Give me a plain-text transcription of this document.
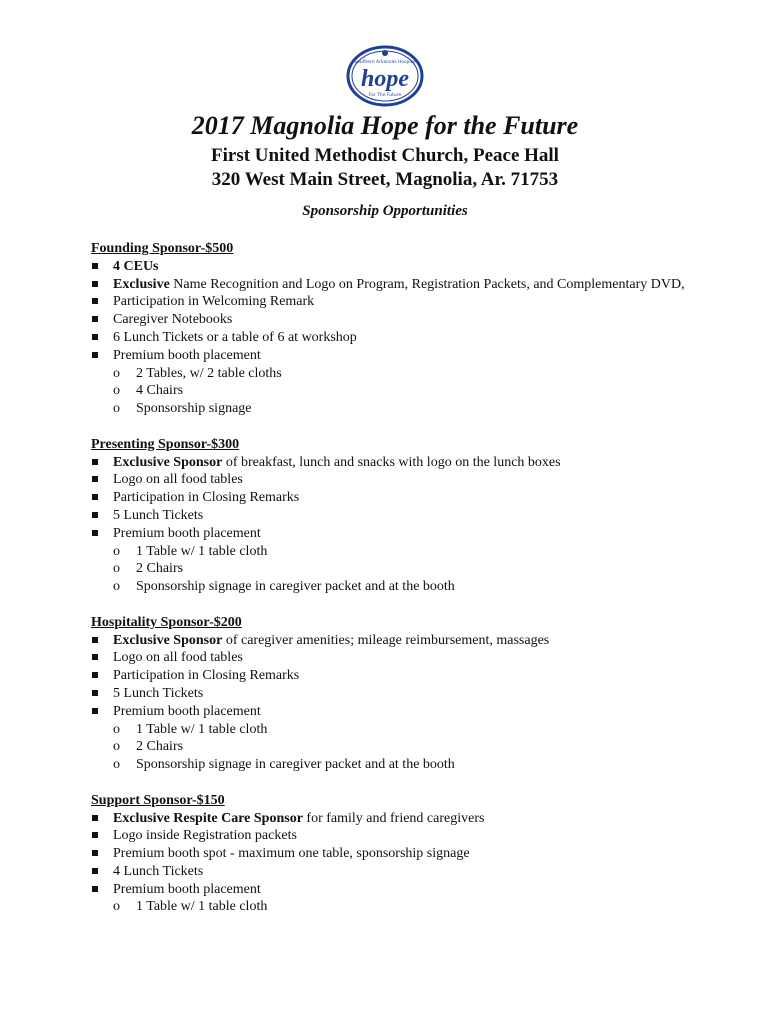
Southern Arkansas Hospice
hope
For The Future
2017 Magnolia Hope for the Future
First United Methodist Church, Peace Hall
320 West Main Street, Magnolia, Ar. 71753
Sponsorship Opportunities
Founding Sponsor-$500
4 CEUs
Exclusive Name Recognition and Logo on Program, Registration Packets, and Complementary DVD,
Participation in Welcoming Remark
Caregiver Notebooks
6 Lunch Tickets or a table of 6 at workshop
Premium booth placement
o 2 Tables, w/ 2 table cloths
o 4 Chairs
o Sponsorship signage
Presenting Sponsor-$300
Exclusive Sponsor of breakfast, lunch and snacks with logo on the lunch boxes
Logo on all food tables
Participation in Closing Remarks
5 Lunch Tickets
Premium booth placement
o 1 Table w/ 1 table cloth
o 2 Chairs
o Sponsorship signage in caregiver packet and at the booth
Hospitality Sponsor-$200
Exclusive Sponsor of caregiver amenities; mileage reimbursement, massages
Logo on all food tables
Participation in Closing Remarks
5 Lunch Tickets
Premium booth placement
o 1 Table w/ 1 table cloth
o 2 Chairs
o Sponsorship signage in caregiver packet and at the booth
Support Sponsor-$150
Exclusive Respite Care Sponsor for family and friend caregivers
Logo inside Registration packets
Premium booth spot - maximum one table, sponsorship signage
4 Lunch Tickets
Premium booth placement
o 1 Table w/ 1 table cloth
